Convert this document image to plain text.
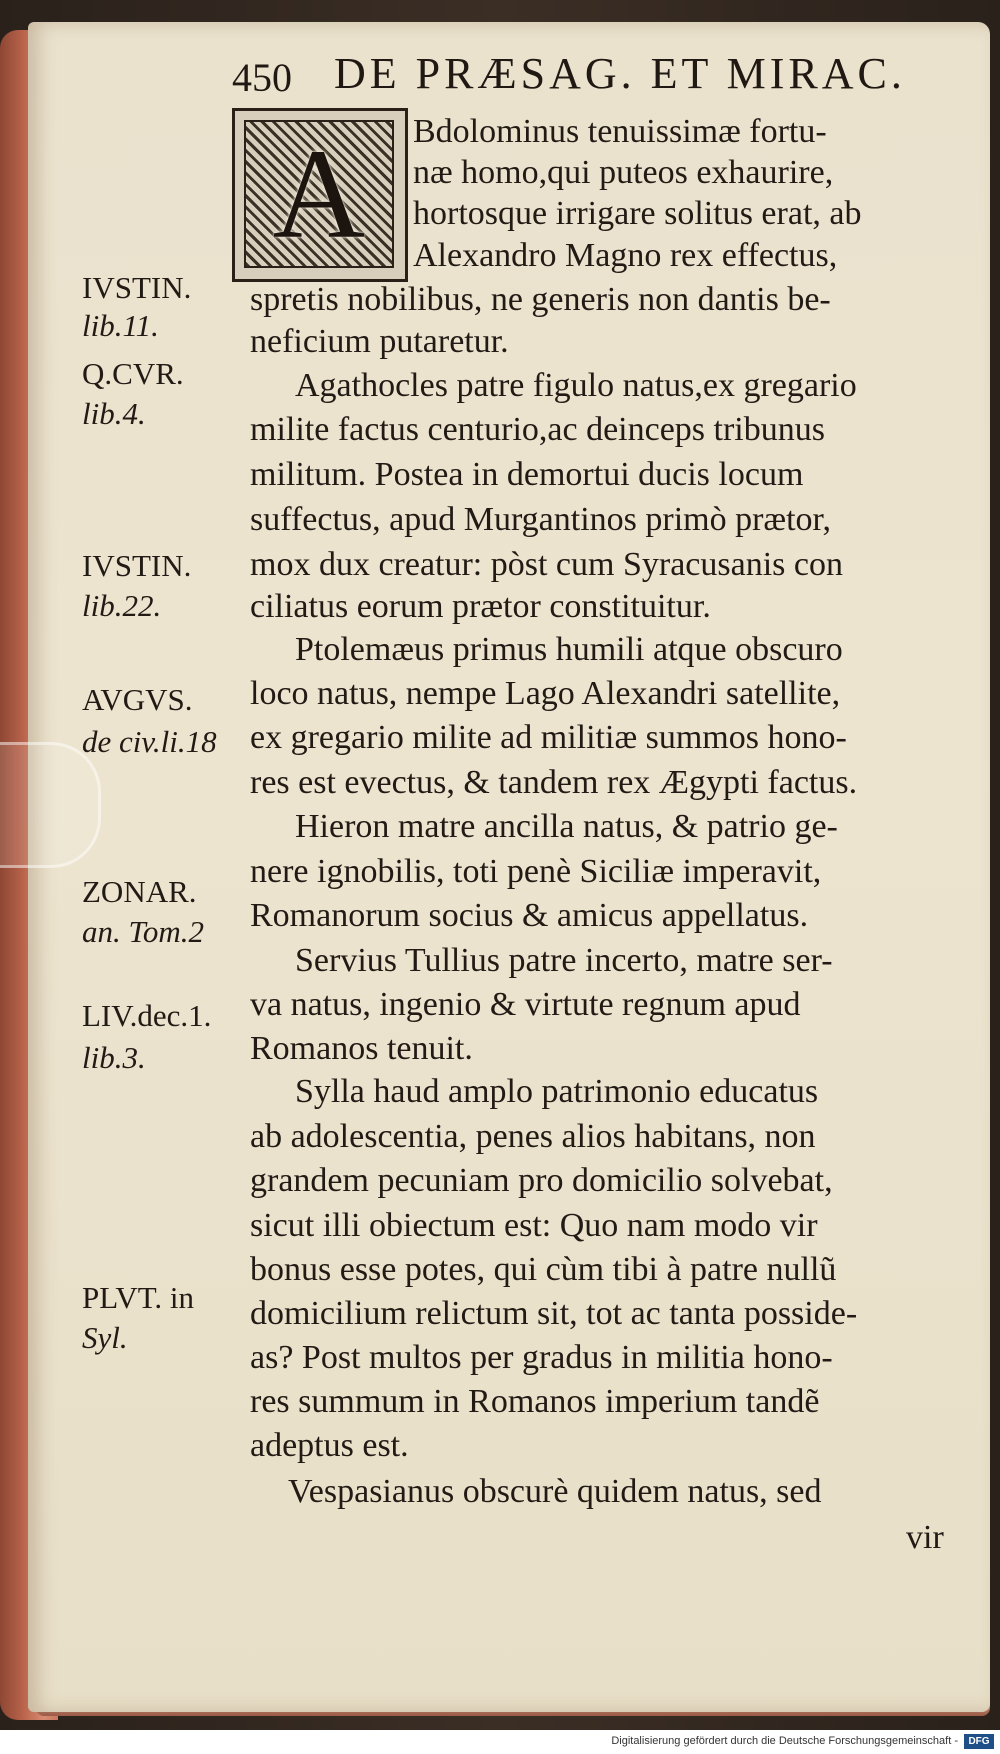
450 DE PRÆSAG. ET MIRAC.
A	Bdolominus tenuissimæ fortu-
næ homo,qui puteos exhaurire,
hortosque irrigare solitus erat, ab
Alexandro Magno rex effectus,
spretis nobilibus, ne generis non dantis be-
neficium putaretur.
Agathocles patre figulo natus,ex gregario
milite factus centurio,ac deinceps tribunus
militum. Postea in demortui ducis locum
suffectus, apud Murgantinos primò prætor,
mox dux creatur: pòst cum Syracusanis con
ciliatus eorum prætor constituitur.
Ptolemæus primus humili atque obscuro
loco natus, nempe Lago Alexandri satellite,
ex gregario milite ad militiæ summos hono-
res est evectus, & tandem rex Ægypti factus.
Hieron matre ancilla natus, & patrio ge-
nere ignobilis, toti penè Siciliæ imperavit,
Romanorum socius & amicus appellatus.
Servius Tullius patre incerto, matre ser-
va natus, ingenio & virtute regnum apud
Romanos tenuit.
Sylla haud amplo patrimonio educatus
ab adolescentia, penes alios habitans, non
grandem pecuniam pro domicilio solvebat,
sicut illi obiectum est: Quo nam modo vir
bonus esse potes, qui cùm tibi à patre nullũ
domicilium relictum sit, tot ac tanta posside-
as? Post multos per gradus in militia hono-
res summum in Romanos imperium tandẽ
adeptus est.
Vespasianus obscurè quidem natus, sed
vir
IVSTIN.
lib.11.
Q.CVR.
lib.4.
IVSTIN.
lib.22.
AVGVS.
de civ.li.18
ZONAR.
an. Tom.2
LIV.dec.1.
lib.3.
PLVT. in
Syl.
Digitalisierung gefördert durch die Deutsche Forschungsgemeinschaft -	DFG
